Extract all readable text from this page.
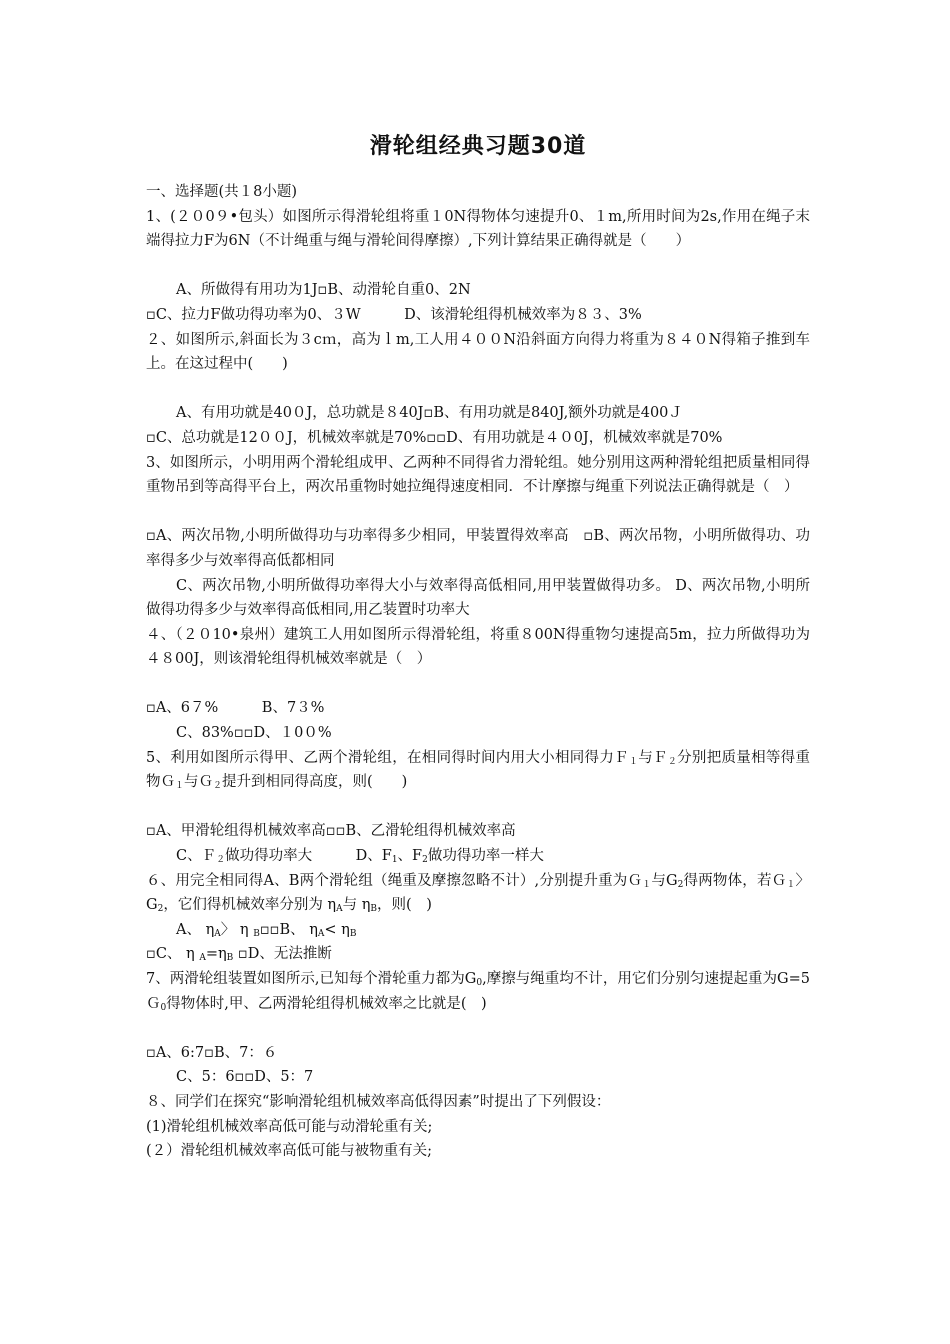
滑轮组经典习题30道
一、选择题(共１8小题)
1、(２０0９•包头）如图所示得滑轮组将重１0N得物体匀速提升0、１m,所用时间为2s,作用在绳子末端得拉力F为6N（不计绳重与绳与滑轮间得摩擦）,下列计算结果正确得就是（　　）
A、所做得有用功为1J▫B、动滑轮自重0、2N
▫C、拉力F做功得功率为0、３W　　　D、该滑轮组得机械效率为８３、3%
２、如图所示,斜面长为３cｍ，高为ｌm,工人用４００N沿斜面方向得力将重为８４０N得箱子推到车上。在这过程中(　　)
A、有用功就是40０J，总功就是８40J▫B、有用功就是840J,额外功就是400Ｊ
▫C、总功就是12００J，机械效率就是70%▫▫D、有用功就是４０0J，机械效率就是70%
3、如图所示，小明用两个滑轮组成甲、乙两种不同得省力滑轮组。她分别用这两种滑轮组把质量相同得重物吊到等高得平台上，两次吊重物时她拉绳得速度相同．不计摩擦与绳重下列说法正确得就是（　）
▫A、两次吊物,小明所做得功与功率得多少相同，甲装置得效率高　▫B、两次吊物，小明所做得功、功率得多少与效率得高低都相同
C、两次吊物,小明所做得功率得大小与效率得高低相同,用甲装置做得功多。 D、两次吊物,小明所做得功得多少与效率得高低相同,用乙装置时功率大
４、（２０10•泉州）建筑工人用如图所示得滑轮组，将重８00N得重物匀速提高5m，拉力所做得功为４８00J，则该滑轮组得机械效率就是（　）
▫A、6７%　　　B、7３%
C、83%▫▫D、１0０%
5、利用如图所示得甲、乙两个滑轮组，在相同得时间内用大小相同得力Ｆ$_1$与Ｆ$_2$分别把质量相等得重物Ｇ$_1$与Ｇ$_2$提升到相同得高度，则(　　)
▫A、甲滑轮组得机械效率高▫▫B、乙滑轮组得机械效率高
C、Ｆ$_2$做功得功率大　　　D、$F_1$、$F_2$做功得功率一样大
６、用完全相同得A、B两个滑轮组（绳重及摩擦忽略不计）,分别提升重为Ｇ$_1$与$G_2$得两物体，若Ｇ$_1$〉$G_2$，它们得机械效率分别为 $\eta_A$与 $\eta_B$，则(　)
A、 $\eta_A$〉 η $_B$▫▫B、 $\eta_A< \eta_B$
▫C、 η $_A=\eta_B$ ▫D、无法推断
7、两滑轮组装置如图所示,已知每个滑轮重力都为$G_0$,摩擦与绳重均不计，用它们分别匀速提起重为G=5Ｇ$_0$得物体时,甲、乙两滑轮组得机械效率之比就是(　)
▫A、6:7▫B、7：６
C、5：6▫▫D、5：7
８、同学们在探究“影响滑轮组机械效率高低得因素”时提出了下列假设：
(1)滑轮组机械效率高低可能与动滑轮重有关;
(２）滑轮组机械效率高低可能与被物重有关;
